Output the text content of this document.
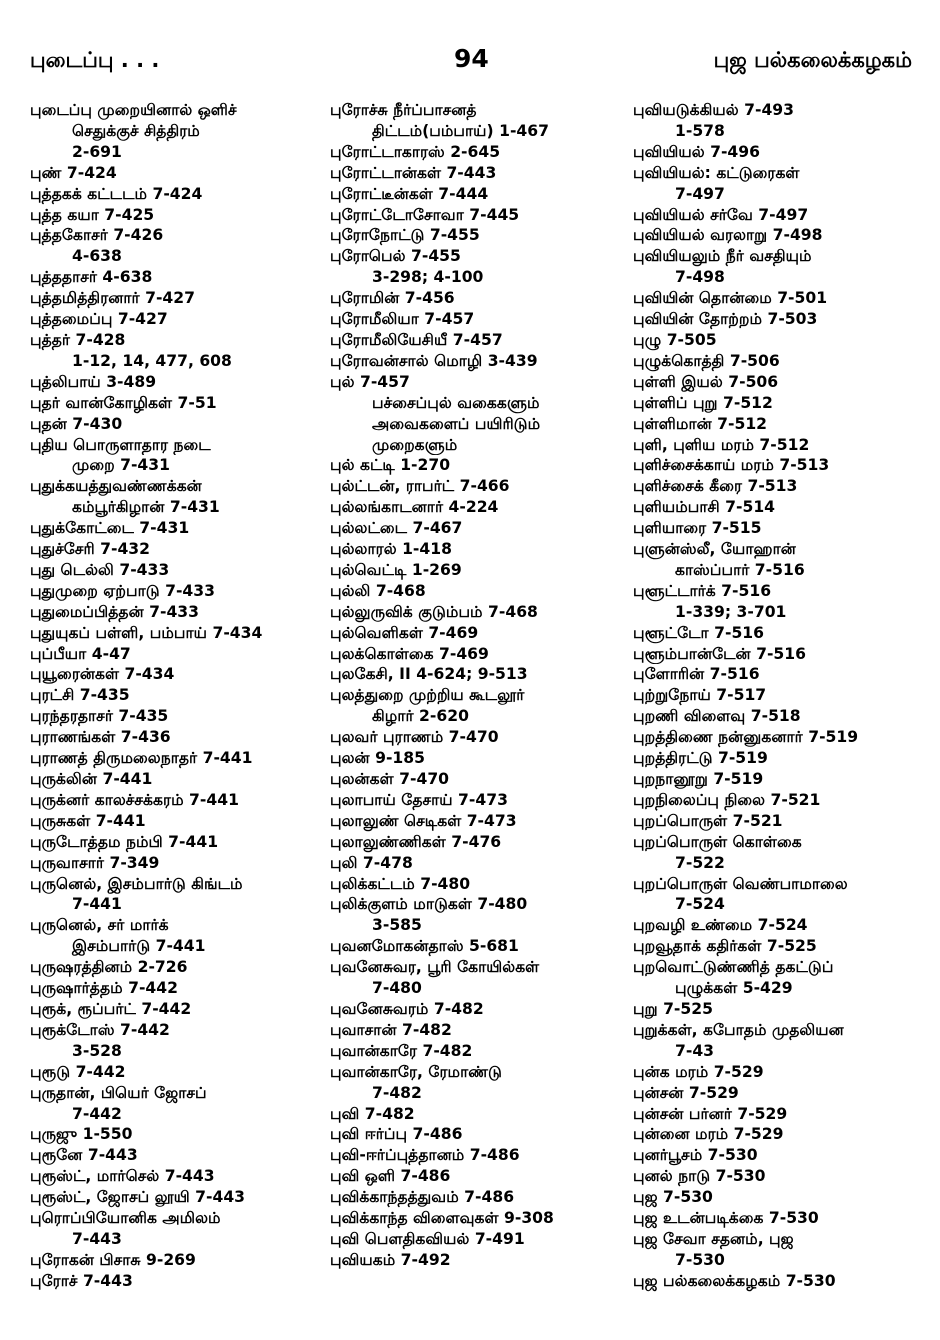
புடைப்பு . . .	94	புஜ பல்கலைக்கழகம்
புடைப்பு முறையினால் ஒளிச்
செதுக்குச் சித்திரம்
2-691
புண் 7-424
புத்தகக் கட்டடம் 7-424
புத்த கயா 7-425
புத்தகோசர் 7-426
4-638
புத்ததாசர் 4-638
புத்தமித்திரனார் 7-427
புத்தமைப்பு 7-427
புத்தர் 7-428
1-12, 14, 477, 608
புத்லிபாய் 3-489
புதர் வான்கோழிகள் 7-51
புதன் 7-430
புதிய பொருளாதார நடை
முறை 7-431
புதுக்கயத்துவண்ணக்கன்
கம்பூர்கிழான் 7-431
புதுக்கோட்டை 7-431
புதுச்சேரி 7-432
புது டெல்லி 7-433
புதுமுறை ஏற்பாடு 7-433
புதுமைப்பித்தன் 7-433
புதுயுகப் பள்ளி, பம்பாய் 7-434
புப்பீயா 4-47
புயூரைன்கள் 7-434
புரட்சி 7-435
புரந்தரதாசர் 7-435
புராணங்கள் 7-436
புராணத் திருமலைநாதர் 7-441
புருக்லின் 7-441
புருக்னர் காலச்சக்கரம் 7-441
புருசுகள் 7-441
புருடோத்தம நம்பி 7-441
புருவாசார் 7-349
புருனெல், இசம்பார்டு கிங்டம்
7-441
புருனெல், சர் மார்க்
இசம்பார்டு 7-441
புருஷரத்தினம் 2-726
புருஷார்த்தம் 7-442
புரூக், ரூப்பர்ட் 7-442
புரூக்டோஸ் 7-442
3-528
புரூடு 7-442
புருதான், பியெர் ஜோசப்
7-442
புருஜு 1-550
புரூனே 7-443
புரூஸ்ட், மார்செல் 7-443
புரூஸ்ட், ஜோசப் லூயி 7-443
புரொப்பியோனிக அமிலம்
7-443
புரோகன் பிசாசு 9-269
புரோச் 7-443
புரோச்சு நீர்ப்பாசனத்
திட்டம்(பம்பாய்) 1-467
புரோட்டாகாரஸ் 2-645
புரோட்டான்கள் 7-443
புரோட்டீன்கள் 7-444
புரோட்டோசோவா 7-445
புரோநோட்டு 7-455
புரோபெல் 7-455
3-298; 4-100
புரோமின் 7-456
புரோமீலியா 7-457
புரோமீலியேசியீ 7-457
புரோவன்சால் மொழி 3-439
புல் 7-457
பச்சைப்புல் வகைகளும்
அவைகளைப் பயிரிடும்
முறைகளும்
புல் கட்டி 1-270
புல்ட்டன், ராபர்ட் 7-466
புல்லங்காடனார் 4-224
புல்லட்டை 7-467
புல்லாரல் 1-418
புல்வெட்டி 1-269
புல்லி 7-468
புல்லுருவிக் குடும்பம் 7-468
புல்வெளிகள் 7-469
புலக்கொள்கை 7-469
புலகேசி, II 4-624; 9-513
புலத்துறை முற்றிய கூடலூர்
கிழார் 2-620
புலவர் புராணம் 7-470
புலன் 9-185
புலன்கள் 7-470
புலாபாய் தேசாய் 7-473
புலாலுண் செடிகள் 7-473
புலாலுண்ணிகள் 7-476
புலி 7-478
புலிக்கட்டம் 7-480
புலிக்குளம் மாடுகள் 7-480
3-585
புவனமோகன்தாஸ் 5-681
புவனேசுவர, பூரி கோயில்கள்
7-480
புவனேசுவரம் 7-482
புவாசான் 7-482
புவான்காரே 7-482
புவான்காரே, ரேமாண்டு
7-482
புவி 7-482
புவி ஈர்ப்பு 7-486
புவி-ஈர்ப்புத்தானம் 7-486
புவி ஒளி 7-486
புவிக்காந்தத்துவம் 7-486
புவிக்காந்த விளைவுகள் 9-308
புவி பௌதிகவியல் 7-491
புவியகம் 7-492
புவியடுக்கியல் 7-493
1-578
புவியியல் 7-496
புவியியல்: கட்டுரைகள்
7-497
புவியியல் சர்வே 7-497
புவியியல் வரலாறு 7-498
புவியியலும் நீர் வசதியும்
7-498
புவியின் தொன்மை 7-501
புவியின் தோற்றம் 7-503
புழு 7-505
புழுக்கொத்தி 7-506
புள்ளி இயல் 7-506
புள்ளிப் புறு 7-512
புள்ளிமான் 7-512
புளி, புளிய மரம் 7-512
புளிச்சைக்காய் மரம் 7-513
புளிச்சைக் கீரை 7-513
புளியம்பாசி 7-514
புளியாரை 7-515
புளுன்ஸ்லீ, யோஹான்
காஸ்ப்பார் 7-516
புளூட்டார்க் 7-516
1-339; 3-701
புளூட்டோ 7-516
புளூம்பான்டேன் 7-516
புளோரின் 7-516
புற்றுநோய் 7-517
புறணி விளைவு 7-518
புறத்திணை நன்னுகனார் 7-519
புறத்திரட்டு 7-519
புறநானூறு 7-519
புறநிலைப்பு நிலை 7-521
புறப்பொருள் 7-521
புறப்பொருள் கொள்கை
7-522
புறப்பொருள் வெண்பாமாலை
7-524
புறவழி உண்மை 7-524
புறவூதாக் கதிர்கள் 7-525
புறவொட்டுண்ணித் தகட்டுப்
புழுக்கள் 5-429
புறு 7-525
புறுக்கள், கபோதம் முதலியன
7-43
புன்க மரம் 7-529
புன்சன் 7-529
புன்சன் பர்னர் 7-529
புன்னை மரம் 7-529
புனர்பூசம் 7-530
புனல் நாடு 7-530
புஜ 7-530
புஜ உடன்படிக்கை 7-530
புஜ சேவா சதனம், புஜ
7-530
புஜ பல்கலைக்கழகம் 7-530
